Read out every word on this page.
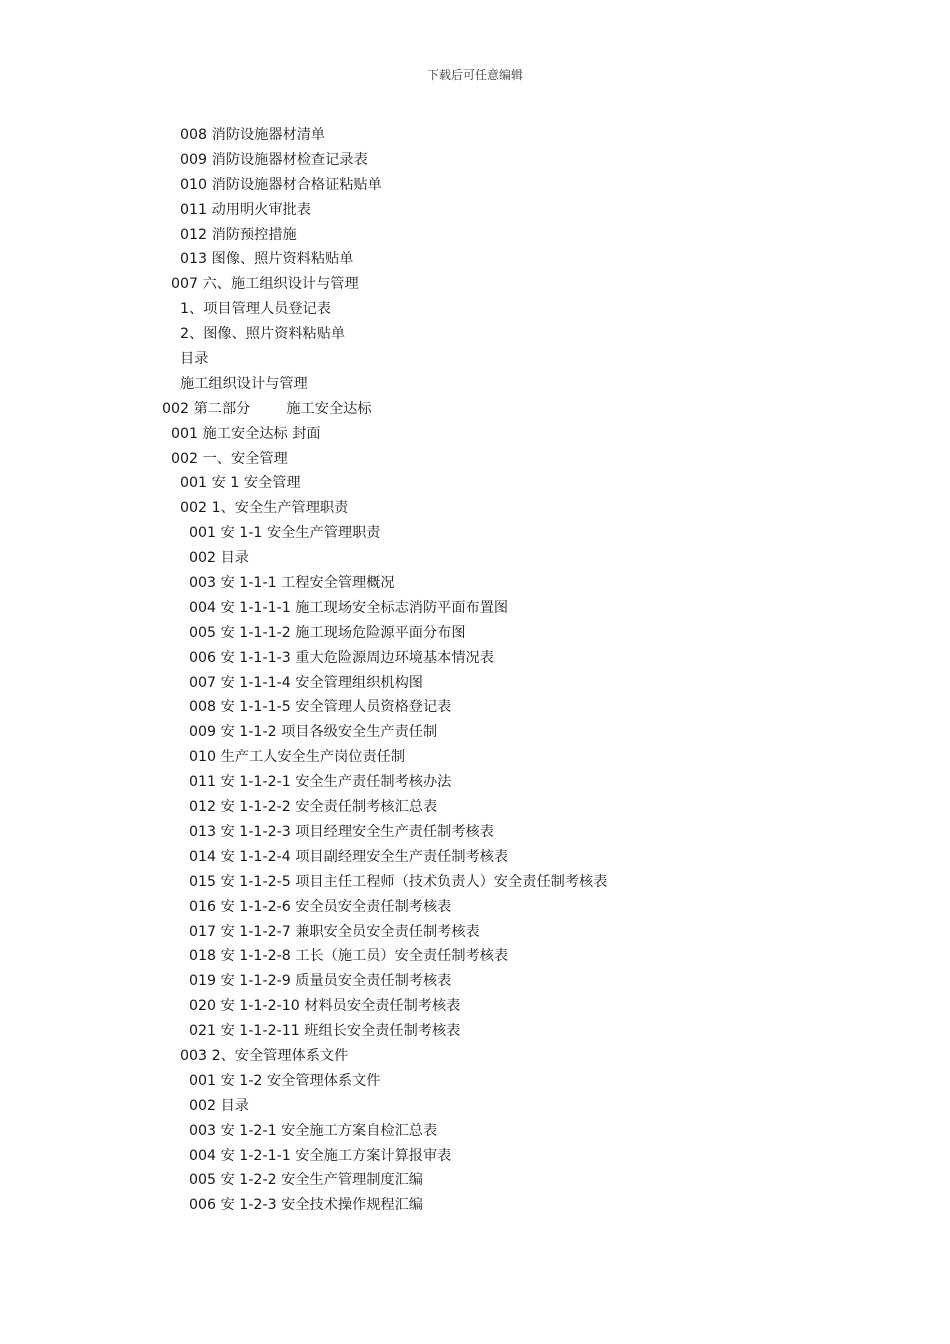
下载后可任意编辑
008 消防设施器材清单
009 消防设施器材检查记录表
010 消防设施器材合格证粘贴单
011 动用明火审批表
012 消防预控措施
013 图像、照片资料粘贴单
007 六、施工组织设计与管理
1、项目管理人员登记表
2、图像、照片资料粘贴单
目录
施工组织设计与管理
002 第二部分        施工安全达标
001 施工安全达标 封面
002 一、安全管理
001 安 1 安全管理
002 1、安全生产管理职责
001 安 1-1 安全生产管理职责
002 目录
003 安 1-1-1 工程安全管理概况
004 安 1-1-1-1 施工现场安全标志消防平面布置图
005 安 1-1-1-2 施工现场危险源平面分布图
006 安 1-1-1-3 重大危险源周边环境基本情况表
007 安 1-1-1-4 安全管理组织机构图
008 安 1-1-1-5 安全管理人员资格登记表
009 安 1-1-2 项目各级安全生产责任制
010 生产工人安全生产岗位责任制
011 安 1-1-2-1 安全生产责任制考核办法
012 安 1-1-2-2 安全责任制考核汇总表
013 安 1-1-2-3 项目经理安全生产责任制考核表
014 安 1-1-2-4 项目副经理安全生产责任制考核表
015 安 1-1-2-5 项目主任工程师（技术负责人）安全责任制考核表
016 安 1-1-2-6 安全员安全责任制考核表
017 安 1-1-2-7 兼职安全员安全责任制考核表
018 安 1-1-2-8 工长（施工员）安全责任制考核表
019 安 1-1-2-9 质量员安全责任制考核表
020 安 1-1-2-10 材料员安全责任制考核表
021 安 1-1-2-11 班组长安全责任制考核表
003 2、安全管理体系文件
001 安 1-2 安全管理体系文件
002 目录
003 安 1-2-1 安全施工方案自检汇总表
004 安 1-2-1-1 安全施工方案计算报审表
005 安 1-2-2 安全生产管理制度汇编
006 安 1-2-3 安全技术操作规程汇编
